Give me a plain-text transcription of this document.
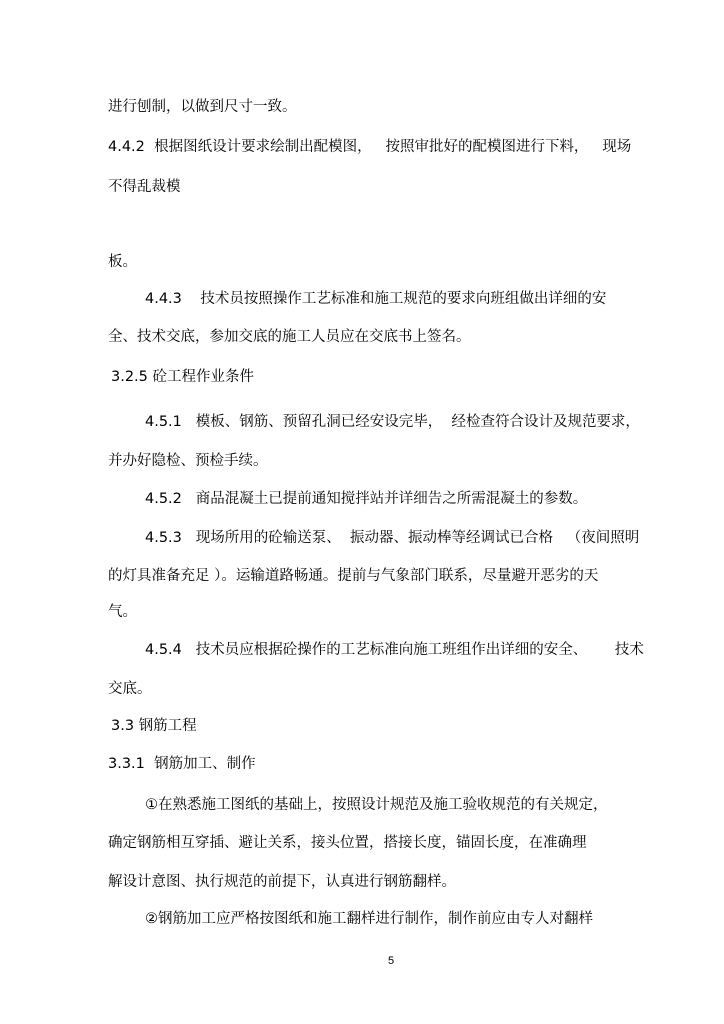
进行刨制，以做到尺寸一致。

4.4.2  根据图纸设计要求绘制出配模图，   按照审批好的配模图进行下料，   现场

不得乱裁模

板。

4.4.3    技术员按照操作工艺标准和施工规范的要求向班组做出详细的安

全、技术交底，参加交底的施工人员应在交底书上签名。

3.2.5 砼工程作业条件

4.5.1   模板、钢筋、预留孔洞已经安设完毕，  经检查符合设计及规范要求，

并办好隐检、预检手续。

4.5.2   商品混凝土已提前通知搅拌站并详细告之所需混凝土的参数。

4.5.3   现场所用的砼输送泵、  振动器、振动棒等经调试已合格   （夜间照明

的灯具准备充足 ）。运输道路畅通。提前与气象部门联系，尽量避开恶劣的天

气。

4.5.4   技术员应根据砼操作的工艺标准向施工班组作出详细的安全、      技术

交底。

3.3 钢筋工程

3.3.1  钢筋加工、制作

①在熟悉施工图纸的基础上，按照设计规范及施工验收规范的有关规定，

确定钢筋相互穿插、避让关系，接头位置，搭接长度，锚固长度，在准确理

解设计意图、执行规范的前提下，认真进行钢筋翻样。

②钢筋加工应严格按图纸和施工翻样进行制作，制作前应由专人对翻样

5
